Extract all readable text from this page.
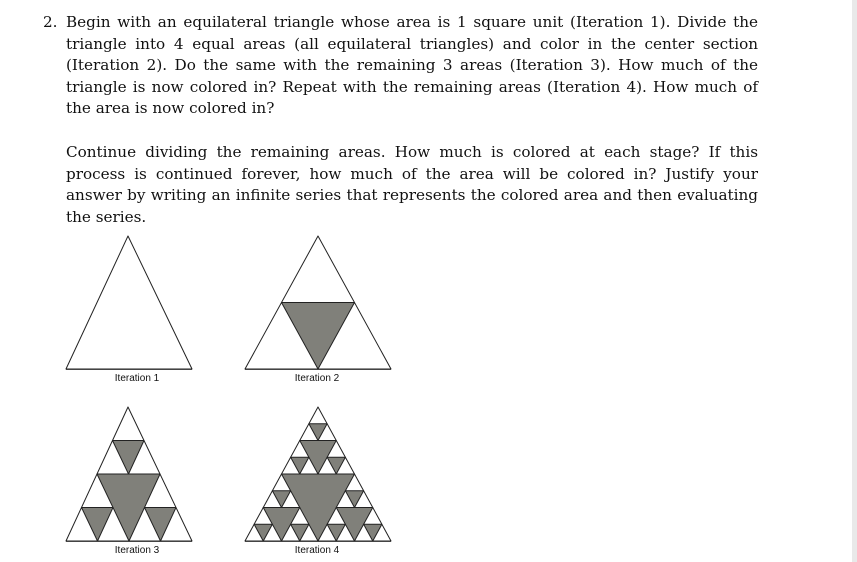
2. Begin with an equilateral triangle whose area is 1 square unit (Iteration 1). Divide the triangle into 4 equal areas (all equilateral triangles) and color in the center section (Iteration 2). Do the same with the remaining 3 areas (Iteration 3). How much of the triangle is now colored in? Repeat with the remaining areas (Iteration 4). How much of the area is now colored in?

Continue dividing the remaining areas. How much is colored at each stage? If this process is continued forever, how much of the area will be colored in? Justify your answer by writing an infinite series that represents the colored area and then evaluating the series.

Iteration 1	Iteration 2
Iteration 3	Iteration 4
